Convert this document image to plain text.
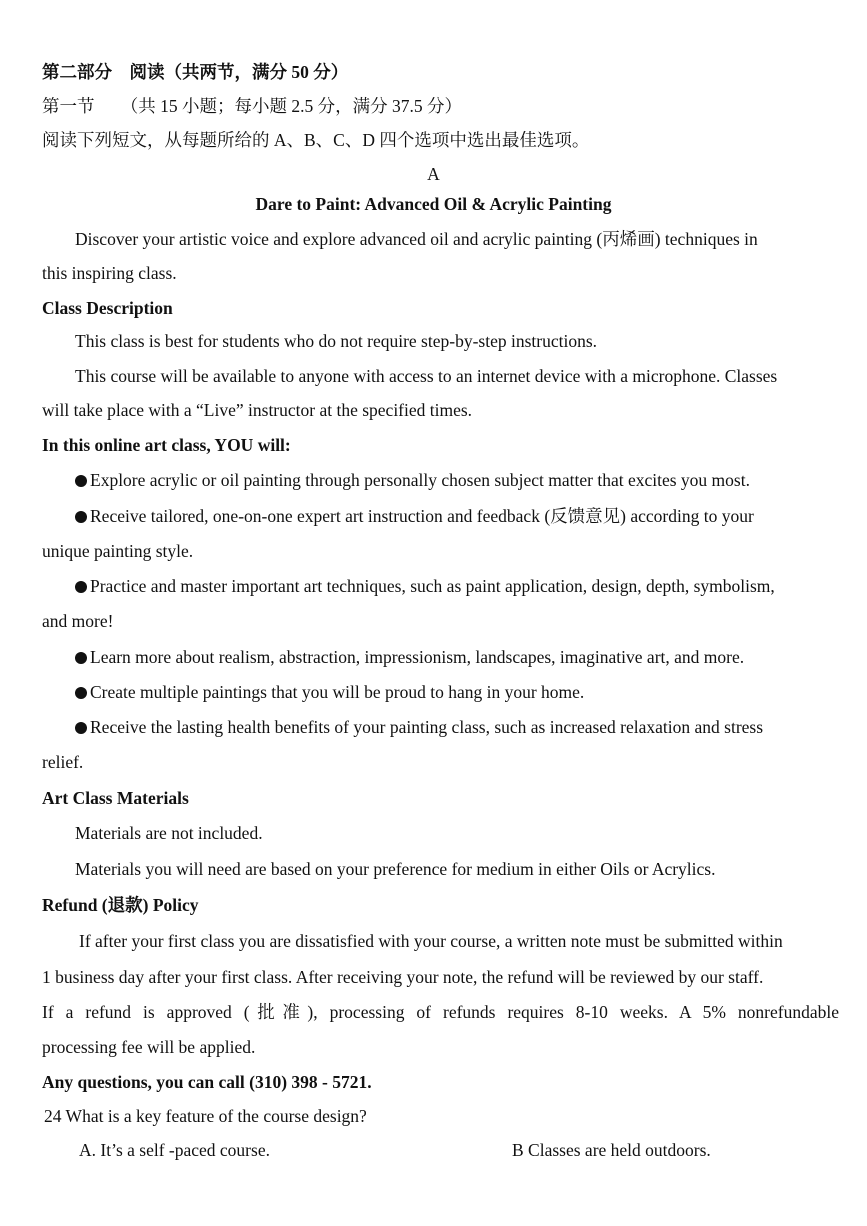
第二部分　阅读（共两节，满分 50 分）
第一节　　（共 15 小题；每小题 2.5 分，满分 37.5 分）
阅读下列短文，从每题所给的 A、B、C、D 四个选项中选出最佳选项。
A
Dare to Paint: Advanced Oil & Acrylic Painting
Discover your artistic voice and explore advanced oil and acrylic painting (丙烯画) techniques in
this inspiring class.
Class Description
This class is best for students who do not require step-by-step instructions.
This course will be available to anyone with access to an internet device with a microphone. Classes
will take place with a “Live” instructor at the specified times.
In this online art class, YOU will:
Explore acrylic or oil painting through personally chosen subject matter that excites you most.
Receive tailored, one-on-one expert art instruction and feedback (反馈意见) according to your
unique painting style.
Practice and master important art techniques, such as paint application, design, depth, symbolism,
and more!
Learn more about realism, abstraction, impressionism, landscapes, imaginative art, and more.
Create multiple paintings that you will be proud to hang in your home.
Receive the lasting health benefits of your painting class, such as increased relaxation and stress
relief.
Art Class Materials
Materials are not included.
Materials you will need are based on your preference for medium in either Oils or Acrylics.
Refund (退款) Policy
If after your first class you are dissatisfied with your course, a written note must be submitted within
1 business day after your first class. After receiving your note, the refund will be reviewed by our staff.
If a refund is approved (批准), processing of refunds requires 8-10 weeks. A 5% nonrefundable
processing fee will be applied.
Any questions, you can call (310) 398 - 5721.
24 What is a key feature of the course design?
A. It’s a self -paced course.	B Classes are held outdoors.
